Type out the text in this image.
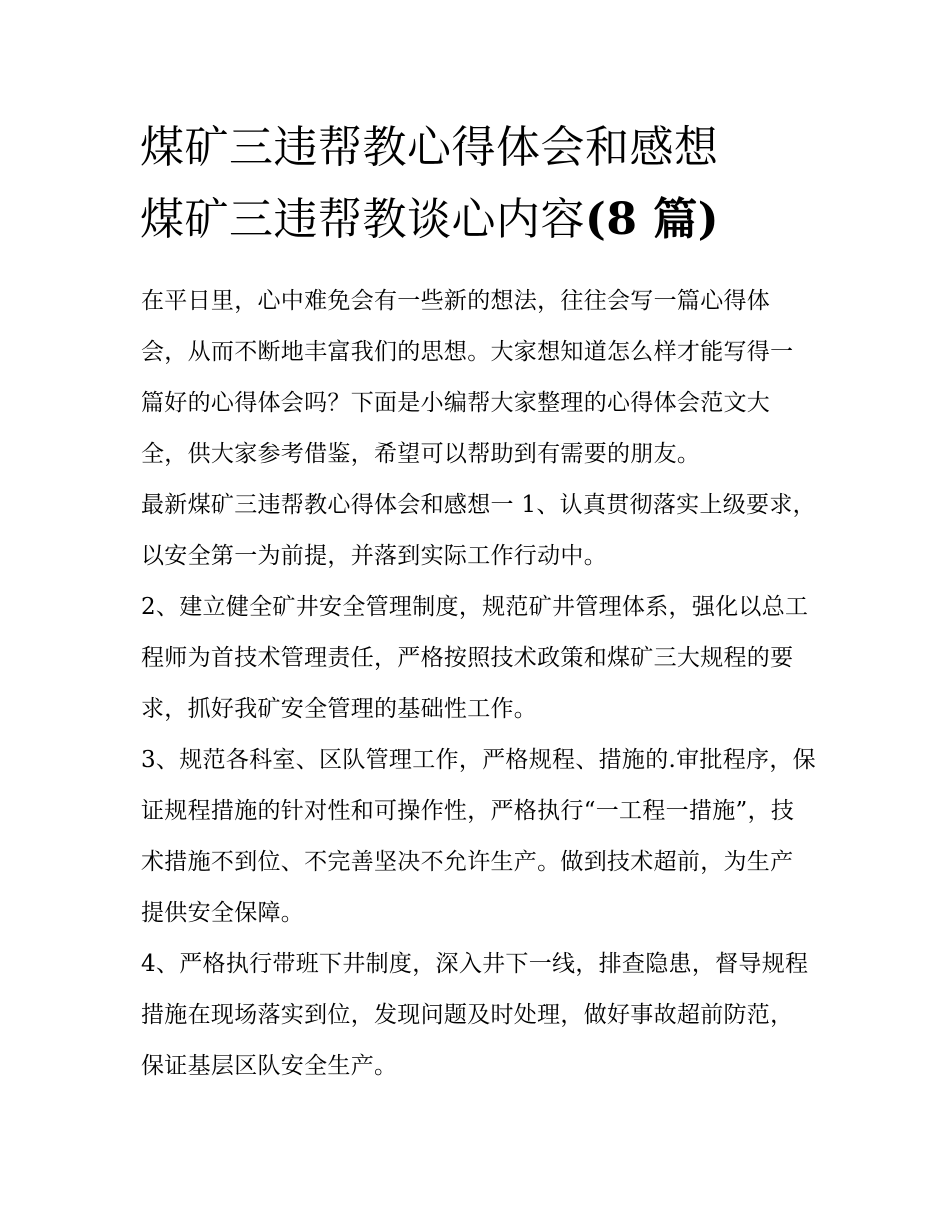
煤矿三违帮教心得体会和感想
煤矿三违帮教谈心内容(8 篇)

在平日里，心中难免会有一些新的想法，往往会写一篇心得体会，从而不断地丰富我们的思想。大家想知道怎么样才能写得一篇好的心得体会吗？下面是小编帮大家整理的心得体会范文大全，供大家参考借鉴，希望可以帮助到有需要的朋友。

最新煤矿三违帮教心得体会和感想一 1、认真贯彻落实上级要求，以安全第一为前提，并落到实际工作行动中。

2、建立健全矿井安全管理制度，规范矿井管理体系，强化以总工程师为首技术管理责任，严格按照技术政策和煤矿三大规程的要求，抓好我矿安全管理的基础性工作。

3、规范各科室、区队管理工作，严格规程、措施的.审批程序，保证规程措施的针对性和可操作性，严格执行“一工程一措施”，技术措施不到位、不完善坚决不允许生产。做到技术超前，为生产提供安全保障。

4、严格执行带班下井制度，深入井下一线，排查隐患，督导规程措施在现场落实到位，发现问题及时处理，做好事故超前防范，保证基层区队安全生产。
